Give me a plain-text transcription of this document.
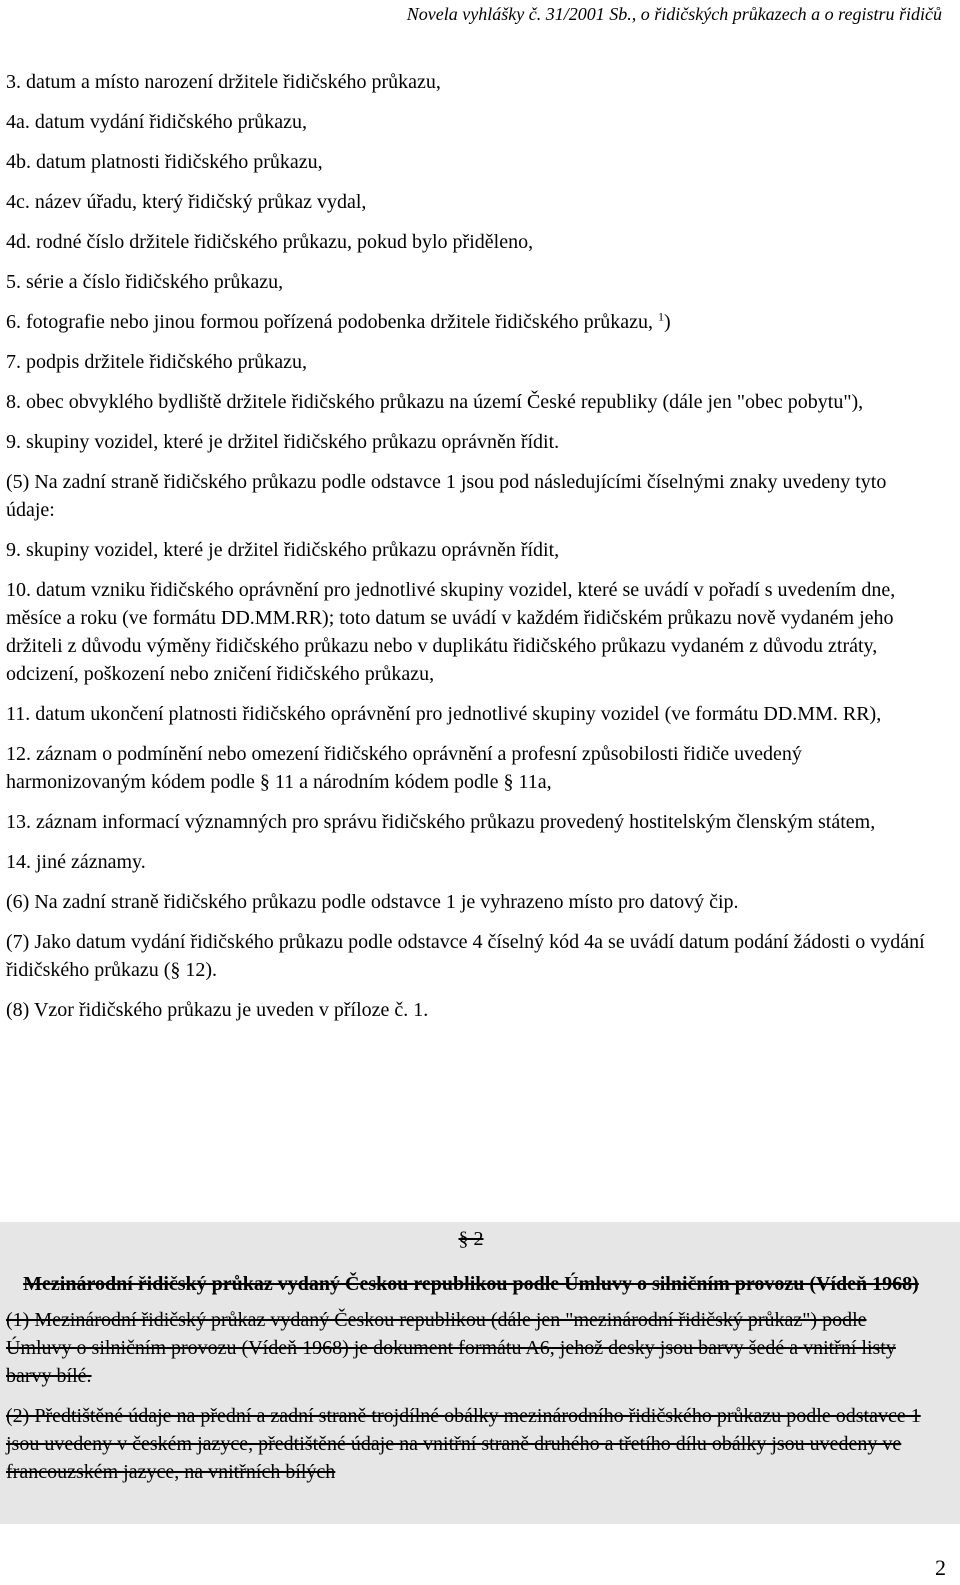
Novela vyhlášky č. 31/2001 Sb., o řidičských průkazech a o registru řidičů
3. datum a místo narození držitele řidičského průkazu,
4a. datum vydání řidičského průkazu,
4b. datum platnosti řidičského průkazu,
4c. název úřadu, který řidičský průkaz vydal,
4d. rodné číslo držitele řidičského průkazu, pokud bylo přiděleno,
5. série a číslo řidičského průkazu,
6. fotografie nebo jinou formou pořízená podobenka držitele řidičského průkazu, $^1$)
7. podpis držitele řidičského průkazu,
8. obec obvyklého bydliště držitele řidičského průkazu na území České republiky (dále jen "obec pobytu"),
9. skupiny vozidel, které je držitel řidičského průkazu oprávněn řídit.
(5) Na zadní straně řidičského průkazu podle odstavce 1 jsou pod následujícími číselnými znaky uvedeny tyto údaje:
9. skupiny vozidel, které je držitel řidičského průkazu oprávněn řídit,
10. datum vzniku řidičského oprávnění pro jednotlivé skupiny vozidel, které se uvádí v pořadí s uvedením dne, měsíce a roku (ve formátu DD.MM.RR); toto datum se uvádí v každém řidičském průkazu nově vydaném jeho držiteli z důvodu výměny řidičského průkazu nebo v duplikátu řidičského průkazu vydaném z důvodu ztráty, odcizení, poškození nebo zničení řidičského průkazu,
11. datum ukončení platnosti řidičského oprávnění pro jednotlivé skupiny vozidel (ve formátu DD.MM. RR),
12. záznam o podmínění nebo omezení řidičského oprávnění a profesní způsobilosti řidiče uvedený harmonizovaným kódem podle § 11 a národním kódem podle § 11a,
13. záznam informací významných pro správu řidičského průkazu provedený hostitelským členským státem,
14. jiné záznamy.
(6) Na zadní straně řidičského průkazu podle odstavce 1 je vyhrazeno místo pro datový čip.
(7) Jako datum vydání řidičského průkazu podle odstavce 4 číselný kód 4a se uvádí datum podání žádosti o vydání řidičského průkazu (§ 12).
(8) Vzor řidičského průkazu je uveden v příloze č. 1.
§ 2
Mezinárodní řidičský průkaz vydaný Českou republikou podle Úmluvy o silničním provozu (Vídeň 1968)
(1) Mezinárodní řidičský průkaz vydaný Českou republikou (dále jen "mezinárodní řidičský průkaz") podle Úmluvy o silničním provozu (Vídeň 1968) je dokument formátu A6, jehož desky jsou barvy šedé a vnitřní listy barvy bílé.
(2) Předtištěné údaje na přední a zadní straně trojdílné obálky mezinárodního řidičského průkazu podle odstavce 1 jsou uvedeny v českém jazyce, předtištěné údaje na vnitřní straně druhého a třetího dílu obálky jsou uvedeny ve francouzském jazyce, na vnitřních bílých
2
